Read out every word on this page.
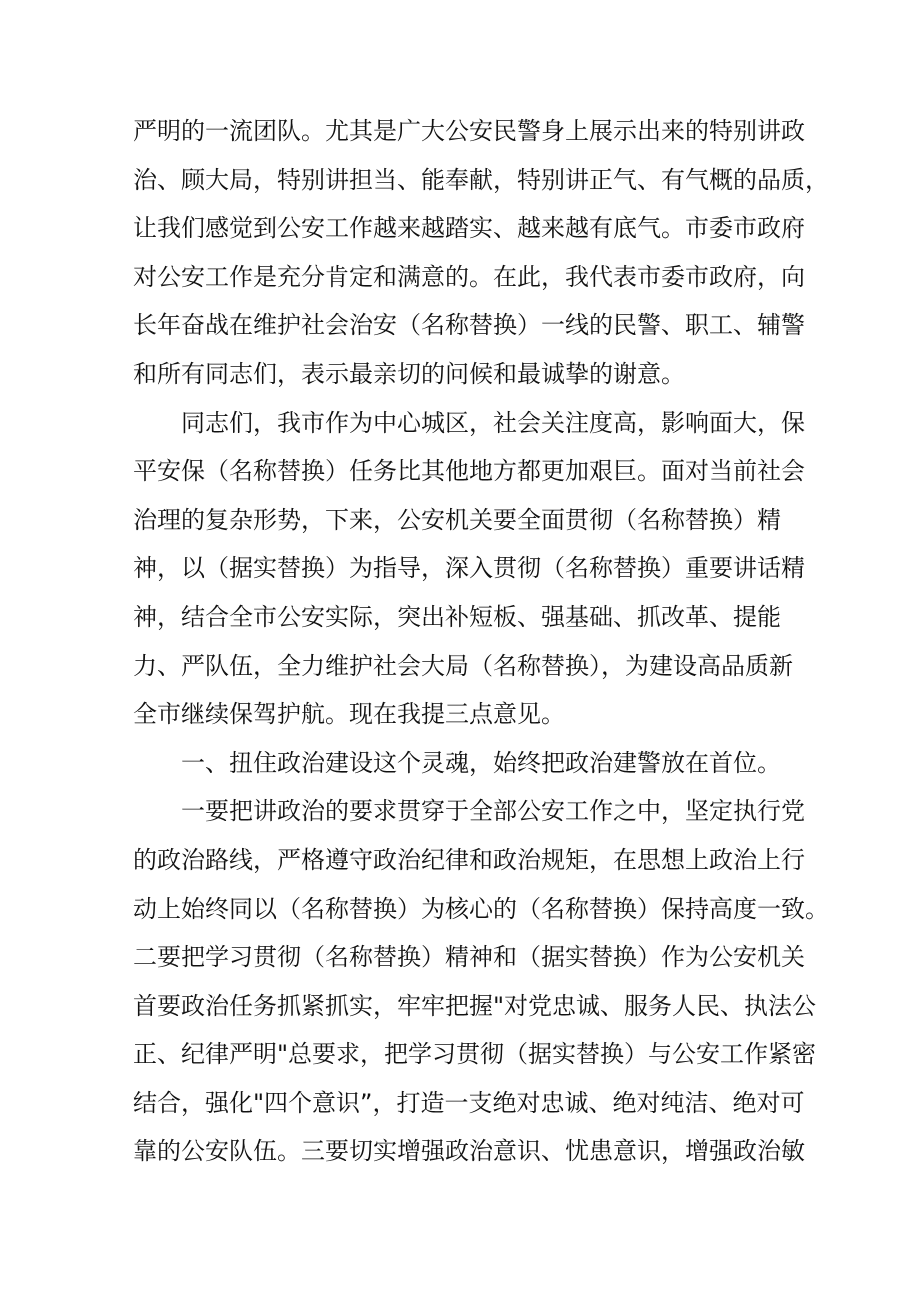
严明的一流团队。尤其是广大公安民警身上展示出来的特别讲政
治、顾大局，特别讲担当、能奉献，特别讲正气、有气概的品质，
让我们感觉到公安工作越来越踏实、越来越有底气。市委市政府
对公安工作是充分肯定和满意的。在此，我代表市委市政府，向
长年奋战在维护社会治安（名称替换）一线的民警、职工、辅警
和所有同志们，表示最亲切的问候和最诚挚的谢意。
　　同志们，我市作为中心城区，社会关注度高，影响面大，保
平安保（名称替换）任务比其他地方都更加艰巨。面对当前社会
治理的复杂形势，下来，公安机关要全面贯彻（名称替换）精
神，以（据实替换）为指导，深入贯彻（名称替换）重要讲话精
神，结合全市公安实际，突出补短板、强基础、抓改革、提能
力、严队伍，全力维护社会大局（名称替换），为建设高品质新
全市继续保驾护航。现在我提三点意见。
　　一、扭住政治建设这个灵魂，始终把政治建警放在首位。
　　一要把讲政治的要求贯穿于全部公安工作之中，坚定执行党
的政治路线，严格遵守政治纪律和政治规矩，在思想上政治上行
动上始终同以（名称替换）为核心的（名称替换）保持高度一致。
二要把学习贯彻（名称替换）精神和（据实替换）作为公安机关
首要政治任务抓紧抓实，牢牢把握"对党忠诚、服务人民、执法公
正、纪律严明"总要求，把学习贯彻（据实替换）与公安工作紧密
结合，强化"四个意识”，打造一支绝对忠诚、绝对纯洁、绝对可
靠的公安队伍。三要切实增强政治意识、忧患意识，增强政治敏
